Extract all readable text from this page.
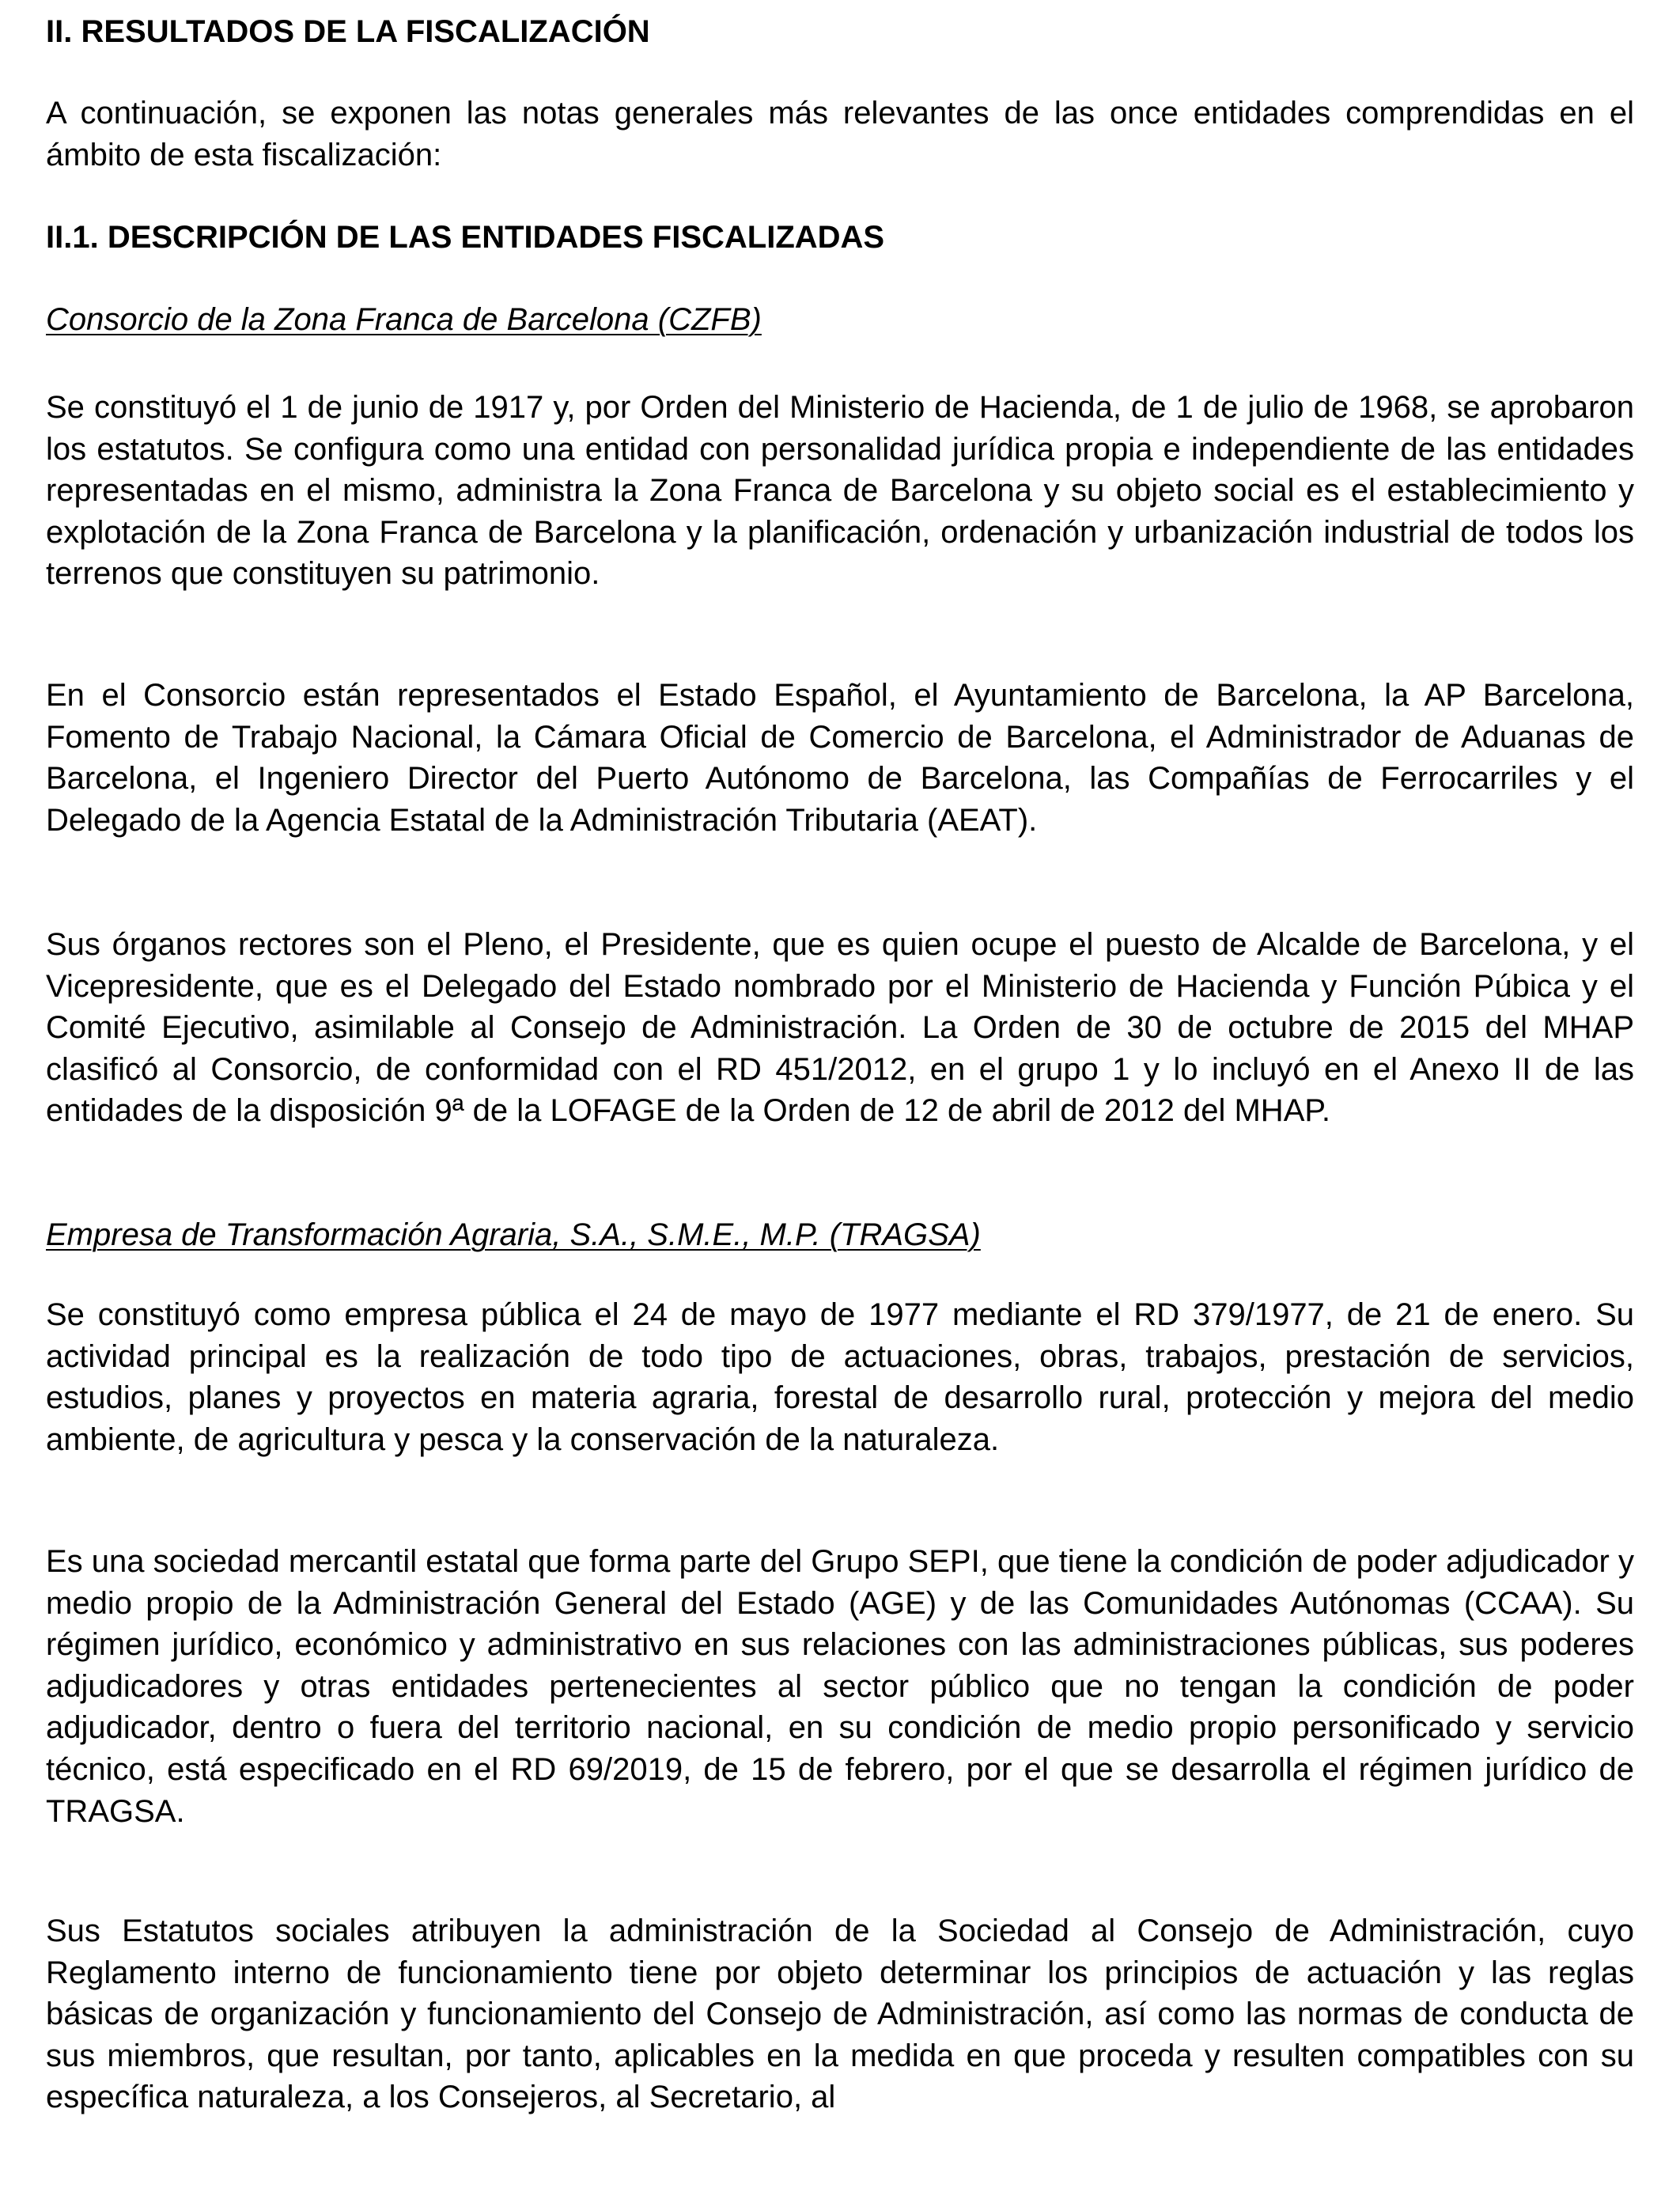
II. RESULTADOS DE LA FISCALIZACIÓN

A continuación, se exponen las notas generales más relevantes de las once entidades comprendidas en el ámbito de esta fiscalización:

II.1. DESCRIPCIÓN DE LAS ENTIDADES FISCALIZADAS
Consorcio de la Zona Franca de Barcelona (CZFB)

Se constituyó el 1 de junio de 1917 y, por Orden del Ministerio de Hacienda, de 1 de julio de 1968, se aprobaron los estatutos. Se configura como una entidad con personalidad jurídica propia e independiente de las entidades representadas en el mismo, administra la Zona Franca de Barcelona y su objeto social es el establecimiento y explotación de la Zona Franca de Barcelona y la planificación, ordenación y urbanización industrial de todos los terrenos que constituyen su patrimonio.

En el Consorcio están representados el Estado Español, el Ayuntamiento de Barcelona, la AP Barcelona, Fomento de Trabajo Nacional, la Cámara Oficial de Comercio de Barcelona, el Administrador de Aduanas de Barcelona, el Ingeniero Director del Puerto Autónomo de Barcelona, las Compañías de Ferrocarriles y el Delegado de la Agencia Estatal de la Administración Tributaria (AEAT).

Sus órganos rectores son el Pleno, el Presidente, que es quien ocupe el puesto de Alcalde de Barcelona, y el Vicepresidente, que es el Delegado del Estado nombrado por el Ministerio de Hacienda y Función Púbica y el Comité Ejecutivo, asimilable al Consejo de Administración. La Orden de 30 de octubre de 2015 del MHAP clasificó al Consorcio, de conformidad con el RD 451/2012, en el grupo 1 y lo incluyó en el Anexo II de las entidades de la disposición 9ª de la LOFAGE de la Orden de 12 de abril de 2012 del MHAP.

Empresa de Transformación Agraria, S.A., S.M.E., M.P. (TRAGSA)

Se constituyó como empresa pública el 24 de mayo de 1977 mediante el RD 379/1977, de 21 de enero. Su actividad principal es la realización de todo tipo de actuaciones, obras, trabajos, prestación de servicios, estudios, planes y proyectos en materia agraria, forestal de desarrollo rural, protección y mejora del medio ambiente, de agricultura y pesca y la conservación de la naturaleza.

Es una sociedad mercantil estatal que forma parte del Grupo SEPI, que tiene la condición de poder adjudicador y medio propio de la Administración General del Estado (AGE) y de las Comunidades Autónomas (CCAA). Su régimen jurídico, económico y administrativo en sus relaciones con las administraciones públicas, sus poderes adjudicadores y otras entidades pertenecientes al sector público que no tengan la condición de poder adjudicador, dentro o fuera del territorio nacional, en su condición de medio propio personificado y servicio técnico, está especificado en el RD 69/2019, de 15 de febrero, por el que se desarrolla el régimen jurídico de TRAGSA.

Sus Estatutos sociales atribuyen la administración de la Sociedad al Consejo de Administración, cuyo Reglamento interno de funcionamiento tiene por objeto determinar los principios de actuación y las reglas básicas de organización y funcionamiento del Consejo de Administración, así como las normas de conducta de sus miembros, que resultan, por tanto, aplicables en la medida en que proceda y resulten compatibles con su específica naturaleza, a los Consejeros, al Secretario, al
